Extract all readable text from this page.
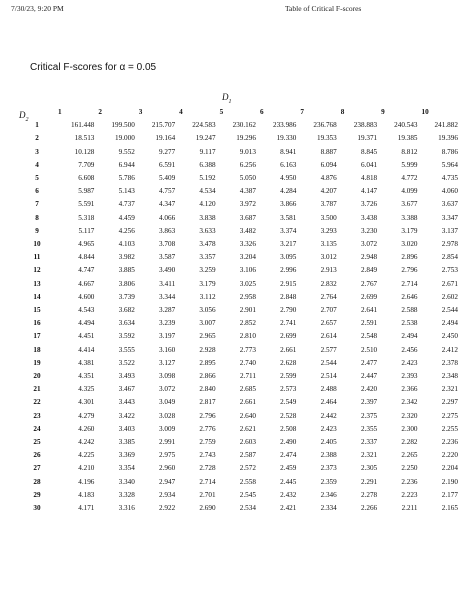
7/30/23, 9:20 PM	Table of Critical F-scores
Critical F-scores for α = 0.05
$D_1$
$D_2$
	1	2	3	4	5	6	7	8	9	10
1	161.448	199.500	215.707	224.583	230.162	233.986	236.768	238.883	240.543	241.882
2	18.513	19.000	19.164	19.247	19.296	19.330	19.353	19.371	19.385	19.396
3	10.128	9.552	9.277	9.117	9.013	8.941	8.887	8.845	8.812	8.786
4	7.709	6.944	6.591	6.388	6.256	6.163	6.094	6.041	5.999	5.964
5	6.608	5.786	5.409	5.192	5.050	4.950	4.876	4.818	4.772	4.735
6	5.987	5.143	4.757	4.534	4.387	4.284	4.207	4.147	4.099	4.060
7	5.591	4.737	4.347	4.120	3.972	3.866	3.787	3.726	3.677	3.637
8	5.318	4.459	4.066	3.838	3.687	3.581	3.500	3.438	3.388	3.347
9	5.117	4.256	3.863	3.633	3.482	3.374	3.293	3.230	3.179	3.137
10	4.965	4.103	3.708	3.478	3.326	3.217	3.135	3.072	3.020	2.978
11	4.844	3.982	3.587	3.357	3.204	3.095	3.012	2.948	2.896	2.854
12	4.747	3.885	3.490	3.259	3.106	2.996	2.913	2.849	2.796	2.753
13	4.667	3.806	3.411	3.179	3.025	2.915	2.832	2.767	2.714	2.671
14	4.600	3.739	3.344	3.112	2.958	2.848	2.764	2.699	2.646	2.602
15	4.543	3.682	3.287	3.056	2.901	2.790	2.707	2.641	2.588	2.544
16	4.494	3.634	3.239	3.007	2.852	2.741	2.657	2.591	2.538	2.494
17	4.451	3.592	3.197	2.965	2.810	2.699	2.614	2.548	2.494	2.450
18	4.414	3.555	3.160	2.928	2.773	2.661	2.577	2.510	2.456	2.412
19	4.381	3.522	3.127	2.895	2.740	2.628	2.544	2.477	2.423	2.378
20	4.351	3.493	3.098	2.866	2.711	2.599	2.514	2.447	2.393	2.348
21	4.325	3.467	3.072	2.840	2.685	2.573	2.488	2.420	2.366	2.321
22	4.301	3.443	3.049	2.817	2.661	2.549	2.464	2.397	2.342	2.297
23	4.279	3.422	3.028	2.796	2.640	2.528	2.442	2.375	2.320	2.275
24	4.260	3.403	3.009	2.776	2.621	2.508	2.423	2.355	2.300	2.255
25	4.242	3.385	2.991	2.759	2.603	2.490	2.405	2.337	2.282	2.236
26	4.225	3.369	2.975	2.743	2.587	2.474	2.388	2.321	2.265	2.220
27	4.210	3.354	2.960	2.728	2.572	2.459	2.373	2.305	2.250	2.204
28	4.196	3.340	2.947	2.714	2.558	2.445	2.359	2.291	2.236	2.190
29	4.183	3.328	2.934	2.701	2.545	2.432	2.346	2.278	2.223	2.177
30	4.171	3.316	2.922	2.690	2.534	2.421	2.334	2.266	2.211	2.165
